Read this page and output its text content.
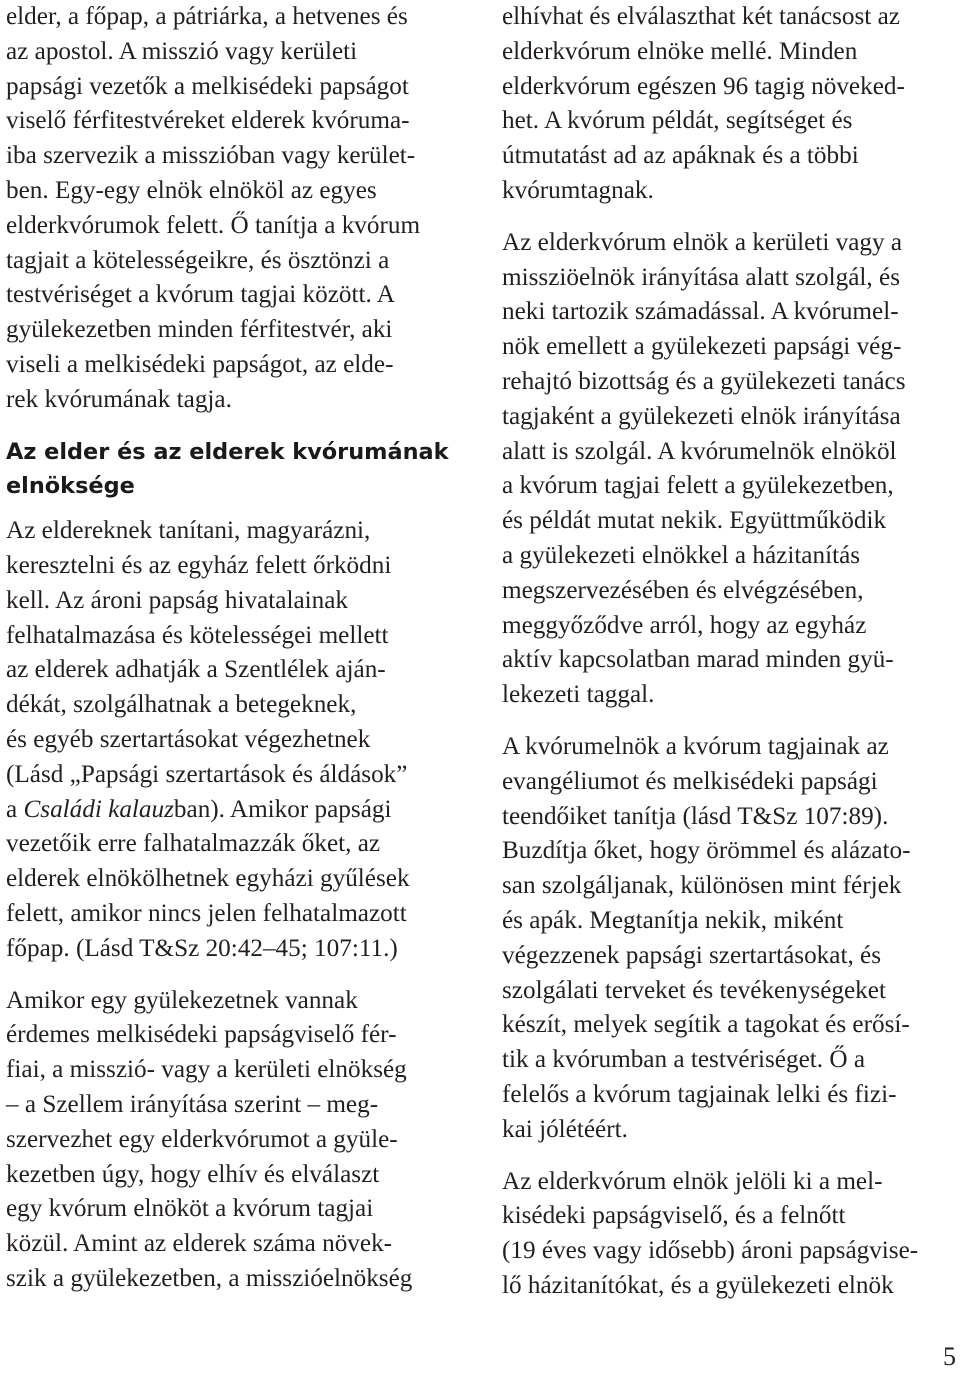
elder, a főpap, a pátriárka, a hetvenes és
az apostol. A misszió vagy kerületi
papsági vezetők a melkisédeki papságot
viselő férfitestvéreket elderek kvóruma-
iba szervezik a misszióban vagy kerület-
ben. Egy-egy elnök elnököl az egyes
elderkvórumok felett. Ő tanítja a kvórum
tagjait a kötelességeikre, és ösztönzi a
testvériséget a kvórum tagjai között. A
gyülekezetben minden férfitestvér, aki
viseli a melkisédeki papságot, az elde-
rek kvórumának tagja.
Az elder és az elderek kvórumának
elnöksége
Az eldereknek tanítani, magyarázni,
keresztelni és az egyház felett őrködni
kell. Az ároni papság hivatalainak
felhatalmazása és kötelességei mellett
az elderek adhatják a Szentlélek aján-
dékát, szolgálhatnak a betegeknek,
és egyéb szertartásokat végezhetnek
(Lásd „Papsági szertartások és áldások”
a Családi kalauzban). Amikor papsági
vezetőik erre falhatalmazzák őket, az
elderek elnökölhetnek egyházi gyűlések
felett, amikor nincs jelen felhatalmazott
főpap. (Lásd T&Sz 20:42–45; 107:11.)
Amikor egy gyülekezetnek vannak
érdemes melkisédeki papságviselő fér-
fiai, a misszió- vagy a kerületi elnökség
– a Szellem irányítása szerint – meg-
szervezhet egy elderkvórumot a gyüle-
kezetben úgy, hogy elhív és elválaszt
egy kvórum elnököt a kvórum tagjai
közül. Amint az elderek száma növek-
szik a gyülekezetben, a misszióelnökség
elhívhat és elválaszthat két tanácsost az
elderkvórum elnöke mellé. Minden
elderkvórum egészen 96 tagig növeked-
het. A kvórum példát, segítséget és
útmutatást ad az apáknak és a többi
kvórumtagnak.
Az elderkvórum elnök a kerületi vagy a
missziöelnök irányítása alatt szolgál, és
neki tartozik számadással. A kvórumel-
nök emellett a gyülekezeti papsági vég-
rehajtó bizottság és a gyülekezeti tanács
tagjaként a gyülekezeti elnök irányítása
alatt is szolgál. A kvórumelnök elnököl
a kvórum tagjai felett a gyülekezetben,
és példát mutat nekik. Együttműködik
a gyülekezeti elnökkel a házitanítás
megszervezésében és elvégzésében,
meggyőződve arról, hogy az egyház
aktív kapcsolatban marad minden gyü-
lekezeti taggal.
A kvórumelnök a kvórum tagjainak az
evangéliumot és melkisédeki papsági
teendőiket tanítja (lásd T&Sz 107:89).
Buzdítja őket, hogy örömmel és alázato-
san szolgáljanak, különösen mint férjek
és apák. Megtanítja nekik, miként
végezzenek papsági szertartásokat, és
szolgálati terveket és tevékenységeket
készít, melyek segítik a tagokat és erősí-
tik a kvórumban a testvériséget. Ő a
felelős a kvórum tagjainak lelki és fizi-
kai jólétéért.
Az elderkvórum elnök jelöli ki a mel-
kisédeki papságviselő, és a felnőtt
(19 éves vagy idősebb) ároni papságvise-
lő házitanítókat, és a gyülekezeti elnök
5
